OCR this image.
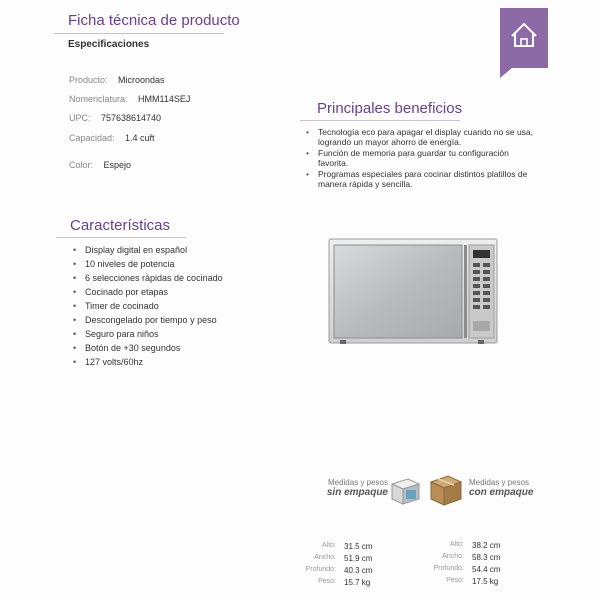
Ficha técnica de producto
Especificaciones
Producto: Microondas
Nomenclatura: HMM114SEJ
UPC: 757638614740
Capacidad: 1.4 cuft
Color: Espejo
Principales beneficios
• Tecnología eco para apagar el display cuando no se usa, logrando un mayor ahorro de energía.
• Función de memoria para guardar tu configuración favorita.
• Programas especiales para cocinar distintos platillos de manera rápida y sencilla.
Características
• Display digital en español
• 10 niveles de potencia
• 6 selecciones rápidas de cocinado
• Cocinado por etapas
• Timer de cocinado
• Descongelado por tiempo y peso
• Seguro para niños
• Botón de +30 segundos
• 127 volts/60hz
Medidas y pesos
sin empaque
Medidas y pesos
con empaque
Alto:
Ancho:
Profundo:
Peso:
31.5 cm
51.9 cm
40.3 cm
15.7 kg
Alto:
Ancho:
Profundo:
Peso:
38.2 cm
58.3 cm
54.4 cm
17.5 kg
